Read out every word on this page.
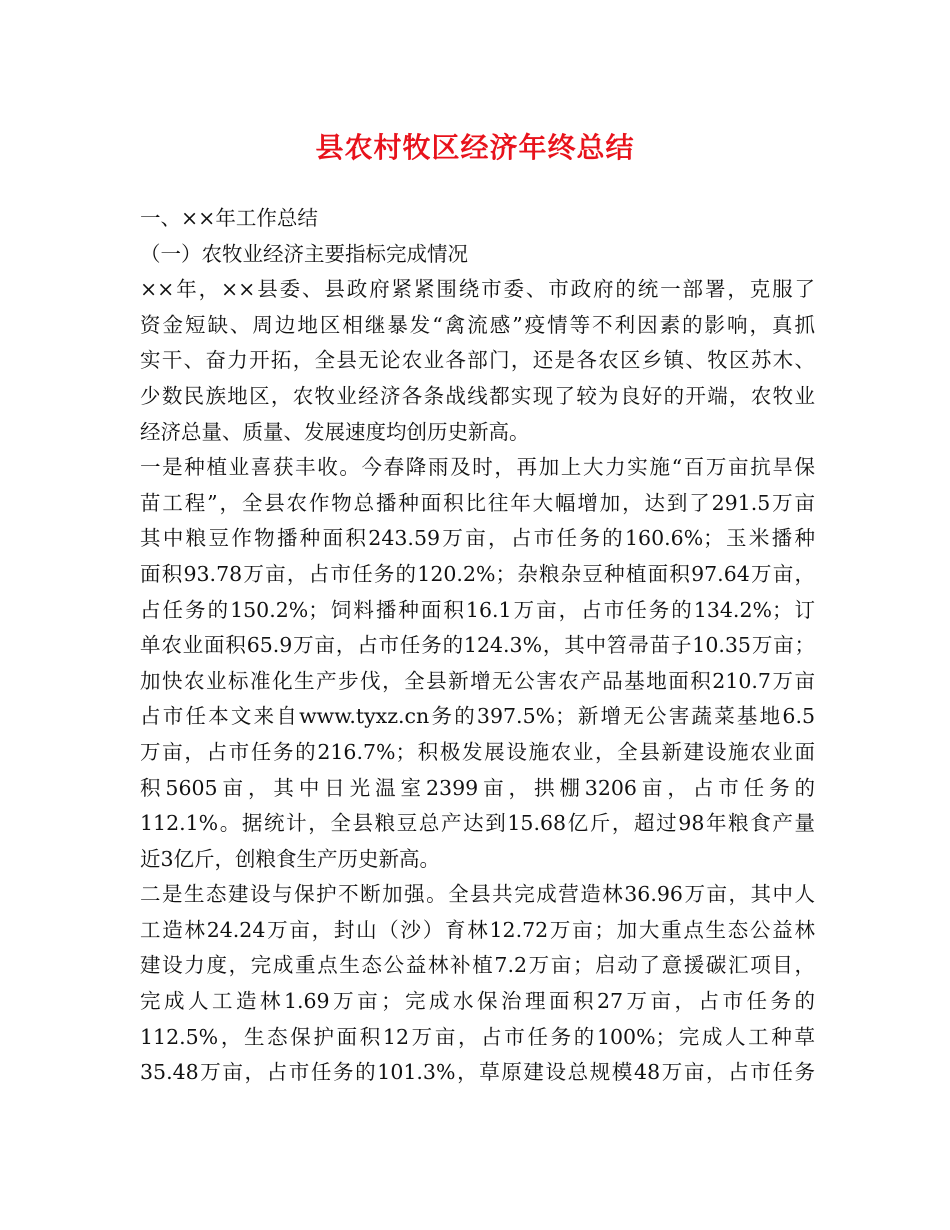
县农村牧区经济年终总结
一、××年工作总结
（一）农牧业经济主要指标完成情况
××年，××县委、县政府紧紧围绕市委、市政府的统一部署，克服了
资金短缺、周边地区相继暴发“禽流感”疫情等不利因素的影响，真抓
实干、奋力开拓，全县无论农业各部门，还是各农区乡镇、牧区苏木、
少数民族地区，农牧业经济各条战线都实现了较为良好的开端，农牧业
经济总量、质量、发展速度均创历史新高。
一是种植业喜获丰收。今春降雨及时，再加上大力实施“百万亩抗旱保
苗工程”，全县农作物总播种面积比往年大幅增加，达到了291.5万亩
其中粮豆作物播种面积243.59万亩，占市任务的160.6%；玉米播种
面积93.78万亩，占市任务的120.2%；杂粮杂豆种植面积97.64万亩，
占任务的150.2%；饲料播种面积16.1万亩，占市任务的134.2%；订
单农业面积65.9万亩，占市任务的124.3%，其中笤帚苗子10.35万亩；
加快农业标准化生产步伐，全县新增无公害农产品基地面积210.7万亩
占市任本文来自www.tyxz.cn务的397.5%；新增无公害蔬菜基地6.5
万亩，占市任务的216.7%；积极发展设施农业，全县新建设施农业面
积5605亩，其中日光温室2399亩，拱棚3206亩，占市任务的
112.1%。据统计，全县粮豆总产达到15.68亿斤，超过98年粮食产量
近3亿斤，创粮食生产历史新高。
二是生态建设与保护不断加强。全县共完成营造林36.96万亩，其中人
工造林24.24万亩，封山（沙）育林12.72万亩；加大重点生态公益林
建设力度，完成重点生态公益林补植7.2万亩；启动了意援碳汇项目，
完成人工造林1.69万亩；完成水保治理面积27万亩，占市任务的
112.5%，生态保护面积12万亩，占市任务的100%；完成人工种草
35.48万亩，占市任务的101.3%，草原建设总规模48万亩，占市任务
